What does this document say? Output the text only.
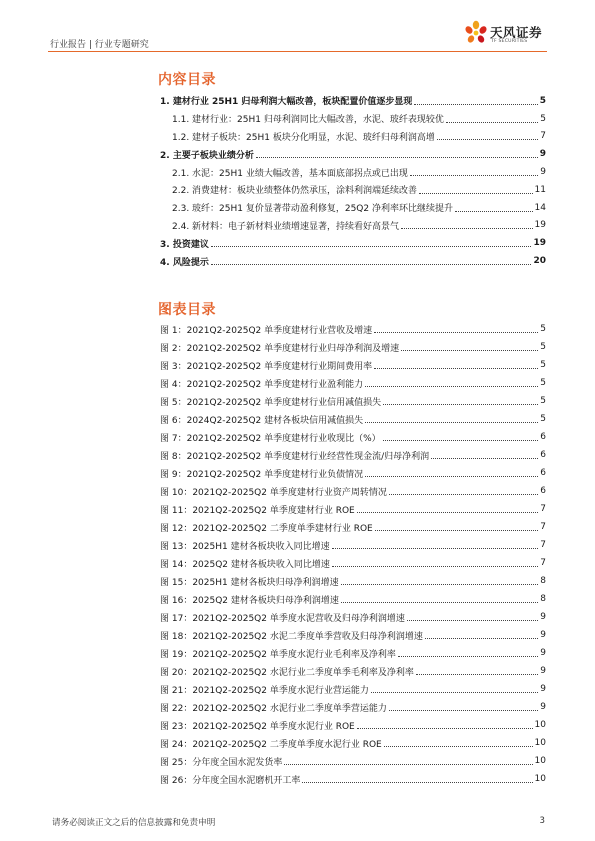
行业报告 | 行业专题研究
天风证券
TF SECURITIES
内容目录
1. 建材行业 25H1 归母利润大幅改善，板块配置价值逐步显现	5
1.1. 建材行业：25H1 归母利润同比大幅改善，水泥、玻纤表现较优	5
1.2. 建材子板块：25H1 板块分化明显，水泥、玻纤归母利润高增	7
2. 主要子板块业绩分析	9
2.1. 水泥：25H1 业绩大幅改善，基本面底部拐点或已出现	9
2.2. 消费建材：板块业绩整体仍然承压，涂料利润端延续改善	11
2.3. 玻纤：25H1 复价显著带动盈利修复，25Q2 净利率环比继续提升	14
2.4. 新材料：电子新材料业绩增速显著，持续看好高景气	19
3. 投资建议	19
4. 风险提示	20
图表目录
图 1：2021Q2-2025Q2 单季度建材行业营收及增速	5
图 2：2021Q2-2025Q2 单季度建材行业归母净利润及增速	5
图 3：2021Q2-2025Q2 单季度建材行业期间费用率	5
图 4：2021Q2-2025Q2 单季度建材行业盈利能力	5
图 5：2021Q2-2025Q2 单季度建材行业信用减值损失	5
图 6：2024Q2-2025Q2 建材各板块信用减值损失	5
图 7：2021Q2-2025Q2 单季度建材行业收现比（%）	6
图 8：2021Q2-2025Q2 单季度建材行业经营性现金流/归母净利润	6
图 9：2021Q2-2025Q2 单季度建材行业负债情况	6
图 10：2021Q2-2025Q2 单季度建材行业资产周转情况	6
图 11：2021Q2-2025Q2 单季度建材行业 ROE	7
图 12：2021Q2-2025Q2 二季度单季建材行业 ROE	7
图 13：2025H1 建材各板块收入同比增速	7
图 14：2025Q2 建材各板块收入同比增速	7
图 15：2025H1 建材各板块归母净利润增速	8
图 16：2025Q2 建材各板块归母净利润增速	8
图 17：2021Q2-2025Q2 单季度水泥营收及归母净利润增速	9
图 18：2021Q2-2025Q2 水泥二季度单季营收及归母净利润增速	9
图 19：2021Q2-2025Q2 单季度水泥行业毛利率及净利率	9
图 20：2021Q2-2025Q2 水泥行业二季度单季毛利率及净利率	9
图 21：2021Q2-2025Q2 单季度水泥行业营运能力	9
图 22：2021Q2-2025Q2 水泥行业二季度单季营运能力	9
图 23：2021Q2-2025Q2 单季度水泥行业 ROE	10
图 24：2021Q2-2025Q2 二季度单季度水泥行业 ROE	10
图 25：分年度全国水泥发货率	10
图 26：分年度全国水泥磨机开工率	10
请务必阅读正文之后的信息披露和免责申明	3
